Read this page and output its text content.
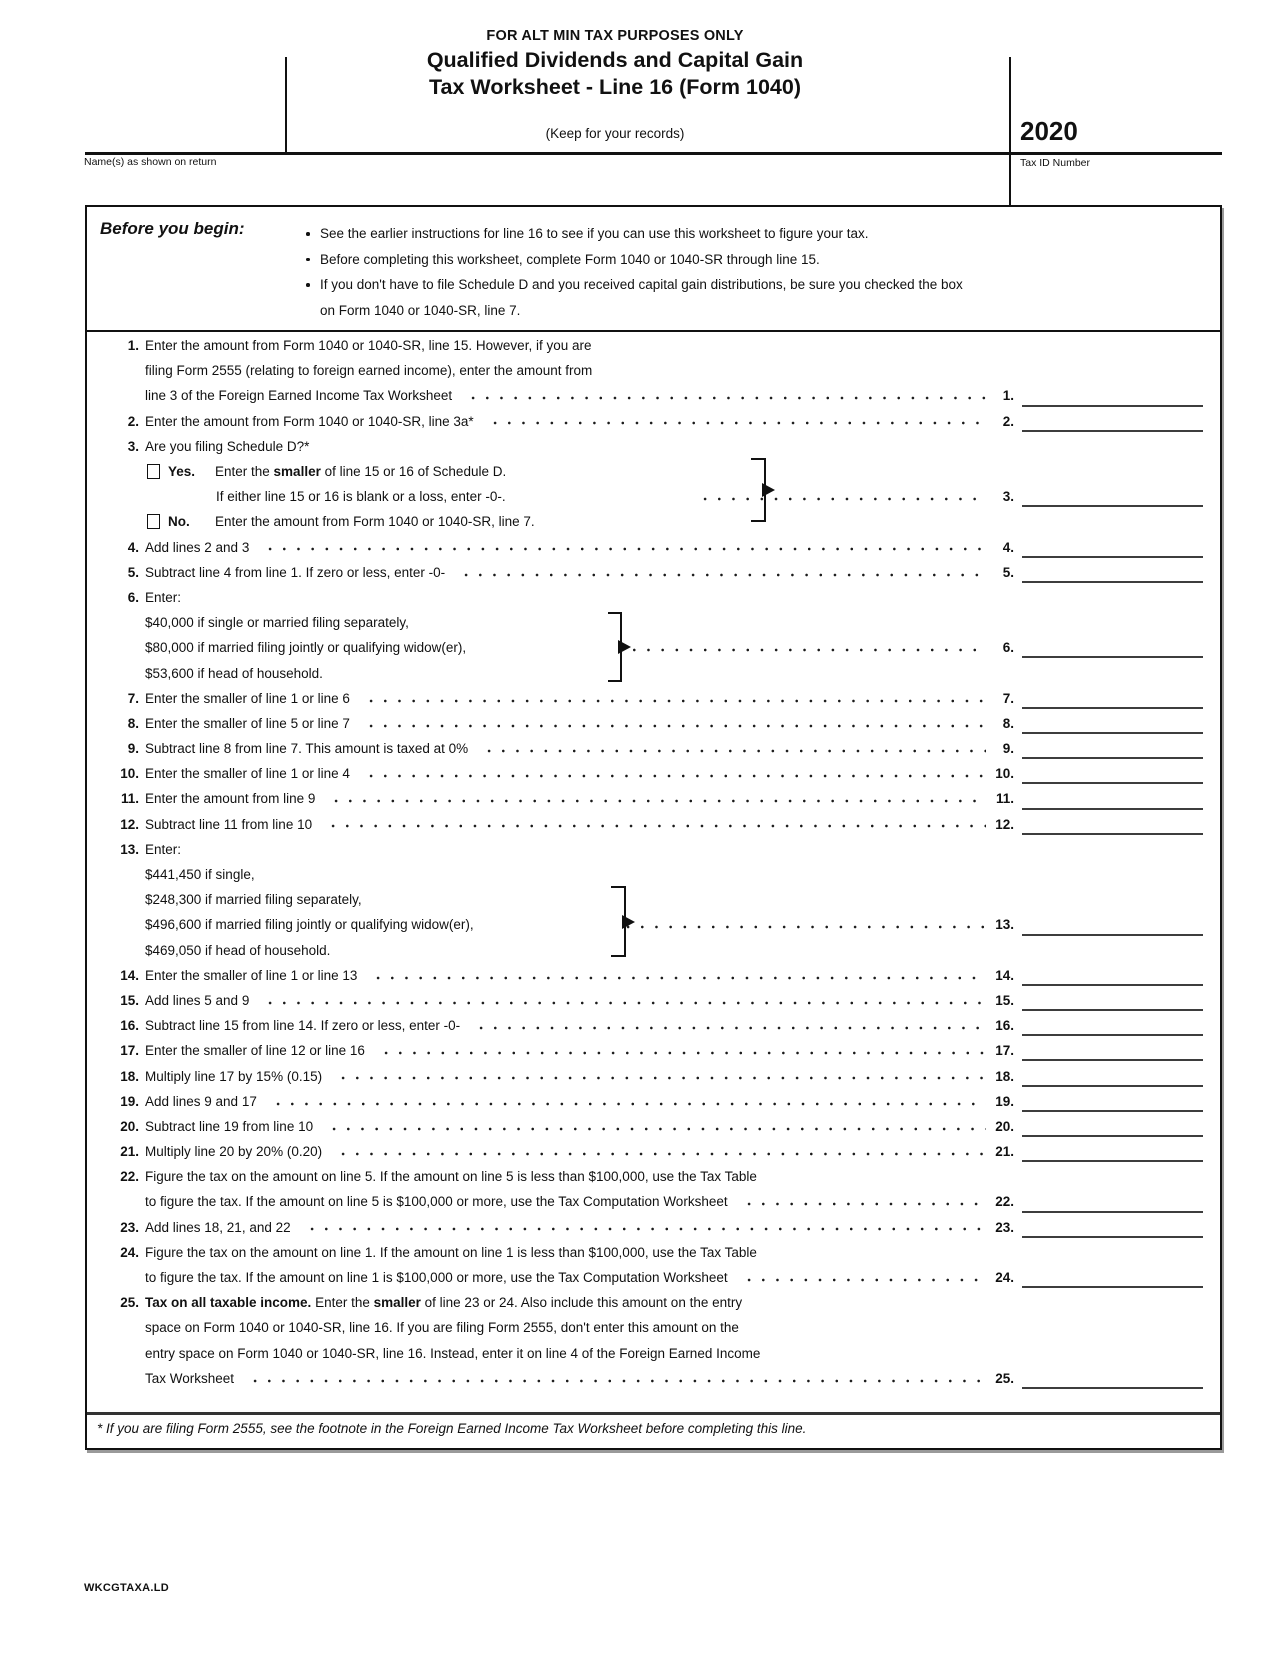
FOR ALT MIN TAX PURPOSES ONLY
Qualified Dividends and Capital Gain
Tax Worksheet - Line 16 (Form 1040)
(Keep for your records)	2020
Name(s) as shown on return	Tax ID Number
Before you begin:	See the earlier instructions for line 16 to see if you can use this worksheet to figure your tax.
Before completing this worksheet, complete Form 1040 or 1040-SR through line 15.
If you don't have to file Schedule D and you received capital gain distributions, be sure you checked the box
on Form 1040 or 1040-SR, line 7.
1. Enter the amount from Form 1040 or 1040-SR, line 15. However, if you are
filing Form 2555 (relating to foreign earned income), enter the amount from
line 3 of the Foreign Earned Income Tax Worksheet	1.
2. Enter the amount from Form 1040 or 1040-SR, line 3a*	2.
3. Are you filing Schedule D?*
Yes.	Enter the smaller of line 15 or 16 of Schedule D.
If either line 15 or 16 is blank or a loss, enter -0-.	3.
No.	Enter the amount from Form 1040 or 1040-SR, line 7.
4. Add lines 2 and 3	4.
5. Subtract line 4 from line 1. If zero or less, enter -0-	5.
6. Enter:
$40,000 if single or married filing separately,
$80,000 if married filing jointly or qualifying widow(er),	6.
$53,600 if head of household.
7. Enter the smaller of line 1 or line 6	7.
8. Enter the smaller of line 5 or line 7	8.
9. Subtract line 8 from line 7. This amount is taxed at 0%	9.
10. Enter the smaller of line 1 or line 4	10.
11. Enter the amount from line 9	11.
12. Subtract line 11 from line 10	12.
13. Enter:
$441,450 if single,
$248,300 if married filing separately,
$496,600 if married filing jointly or qualifying widow(er),	13.
$469,050 if head of household.
14. Enter the smaller of line 1 or line 13	14.
15. Add lines 5 and 9	15.
16. Subtract line 15 from line 14. If zero or less, enter -0-	16.
17. Enter the smaller of line 12 or line 16	17.
18. Multiply line 17 by 15% (0.15)	18.
19. Add lines 9 and 17	19.
20. Subtract line 19 from line 10	20.
21. Multiply line 20 by 20% (0.20)	21.
22. Figure the tax on the amount on line 5. If the amount on line 5 is less than $100,000, use the Tax Table
to figure the tax. If the amount on line 5 is $100,000 or more, use the Tax Computation Worksheet	22.
23. Add lines 18, 21, and 22	23.
24. Figure the tax on the amount on line 1. If the amount on line 1 is less than $100,000, use the Tax Table
to figure the tax. If the amount on line 1 is $100,000 or more, use the Tax Computation Worksheet	24.
25. Tax on all taxable income. Enter the smaller of line 23 or 24. Also include this amount on the entry
space on Form 1040 or 1040-SR, line 16. If you are filing Form 2555, don't enter this amount on the
entry space on Form 1040 or 1040-SR, line 16. Instead, enter it on line 4 of the Foreign Earned Income
Tax Worksheet	25.
* If you are filing Form 2555, see the footnote in the Foreign Earned Income Tax Worksheet before completing this line.
WKCGTAXA.LD
